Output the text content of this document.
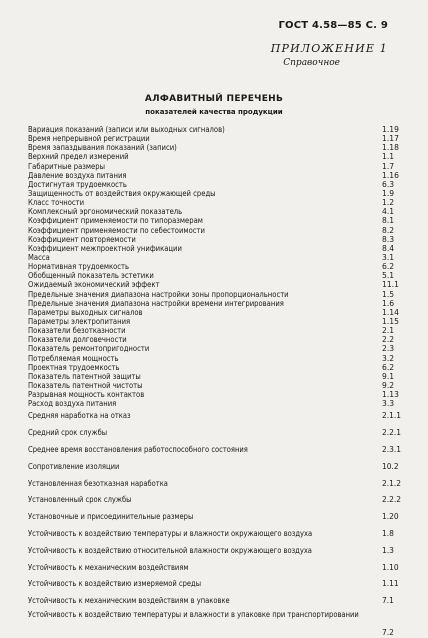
ГОСТ 4.58—85 С. 9
ПРИЛОЖЕНИЕ 1
Справочное
АЛФАВИТНЫЙ ПЕРЕЧЕНЬ
показателей качества продукции
Вариация показаний (записи или выходных сигналов)	1.19
Время непрерывной регистрации	1.17
Время запаздывания показаний (записи)	1.18
Верхний предел измерений	1.1
Габаритные размеры	1.7
Давление воздуха питания	1.16
Достигнутая трудоемкость	6.3
Защищенность от воздействия окружающей среды	1.9
Класс точности	1.2
Комплексный эргономический показатель	4.1
Коэффициент применяемости по типоразмерам	8.1
Коэффициент применяемости по себестоимости	8.2
Коэффициент повторяемости	8.3
Коэффициент межпроектной унификации	8.4
Масса	3.1
Нормативная трудоемкость	6.2
Обобщенный показатель эстетики	5.1
Ожидаемый экономический эффект	11.1
Предельные значения диапазона настройки зоны пропорциональности	1.5
Предельные значения диапазона настройки времени интегрирования	1.6
Параметры выходных сигналов	1.14
Параметры электропитания	1.15
Показатели безотказности	2.1
Показатели долговечности	2.2
Показатель ремонтопригодности	2.3
Потребляемая мощность	3.2
Проектная трудоемкость	6.2
Показатель патентной защиты	9.1
Показатель патентной чистоты	9.2
Разрывная мощность контактов	1.13
Расход воздуха питания	3.3
Средняя наработка на отказ	2.1.1
Средний срок службы	2.2.1
Среднее время восстановления работоспособного состояния	2.3.1
Сопротивление изоляции	10.2
Установленная безотказная наработка	2.1.2
Установленный срок службы	2.2.2
Установочные и присоединительные размеры	1.20
Устойчивость к воздействию температуры и влажности окружающего воздуха	1.8
Устойчивость к воздействию относительной влажности окружающего воздуха	1.3
Устойчивость к механическим воздействиям	1.10
Устойчивость к воздействию измеряемой среды	1.11
Устойчивость к механическим воздействиям в упаковке	7.1
Устойчивость к воздействию температуры и влажности в упаковке при транспортировании
7.2
